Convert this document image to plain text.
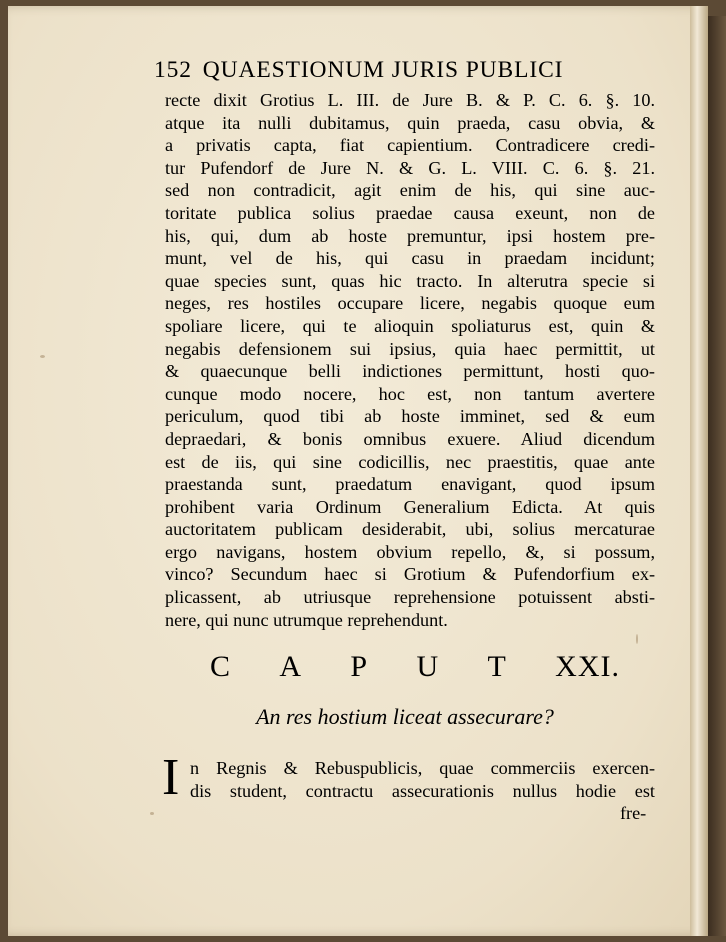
152 QUAESTIONUM JURIS PUBLICI
recte dixit Grotius L. III. de Jure B. & P. C. 6. §. 10.
atque ita nulli dubitamus, quin praeda, casu obvia, &
a privatis capta, fiat capientium. Contradicere credi-
tur Pufendorf de Jure N. & G. L. VIII. C. 6. §. 21.
sed non contradicit, agit enim de his, qui sine auc-
toritate publica solius praedae causa exeunt, non de
his, qui, dum ab hoste premuntur, ipsi hostem pre-
munt, vel de his, qui casu in praedam incidunt;
quae species sunt, quas hic tracto. In alterutra specie si
neges, res hostiles occupare licere, negabis quoque eum
spoliare licere, qui te alioquin spoliaturus est, quin &
negabis defensionem sui ipsius, quia haec permittit, ut
& quaecunque belli indictiones permittunt, hosti quo-
cunque modo nocere, hoc est, non tantum avertere
periculum, quod tibi ab hoste imminet, sed & eum
depraedari, & bonis omnibus exuere. Aliud dicendum
est de iis, qui sine codicillis, nec praestitis, quae ante
praestanda sunt, praedatum enavigant, quod ipsum
prohibent varia Ordinum Generalium Edicta. At quis
auctoritatem publicam desiderabit, ubi, solius mercaturae
ergo navigans, hostem obvium repello, &, si possum,
vinco? Secundum haec si Grotium & Pufendorfium ex-
plicassent, ab utriusque reprehensione potuissent absti-
nere, qui nunc utrumque reprehendunt.
C A P U T XXI.
An res hostium liceat assecurare?
I n Regnis & Rebuspublicis, quae commerciis exercen-
dis student, contractu assecurationis nullus hodie est
fre-
